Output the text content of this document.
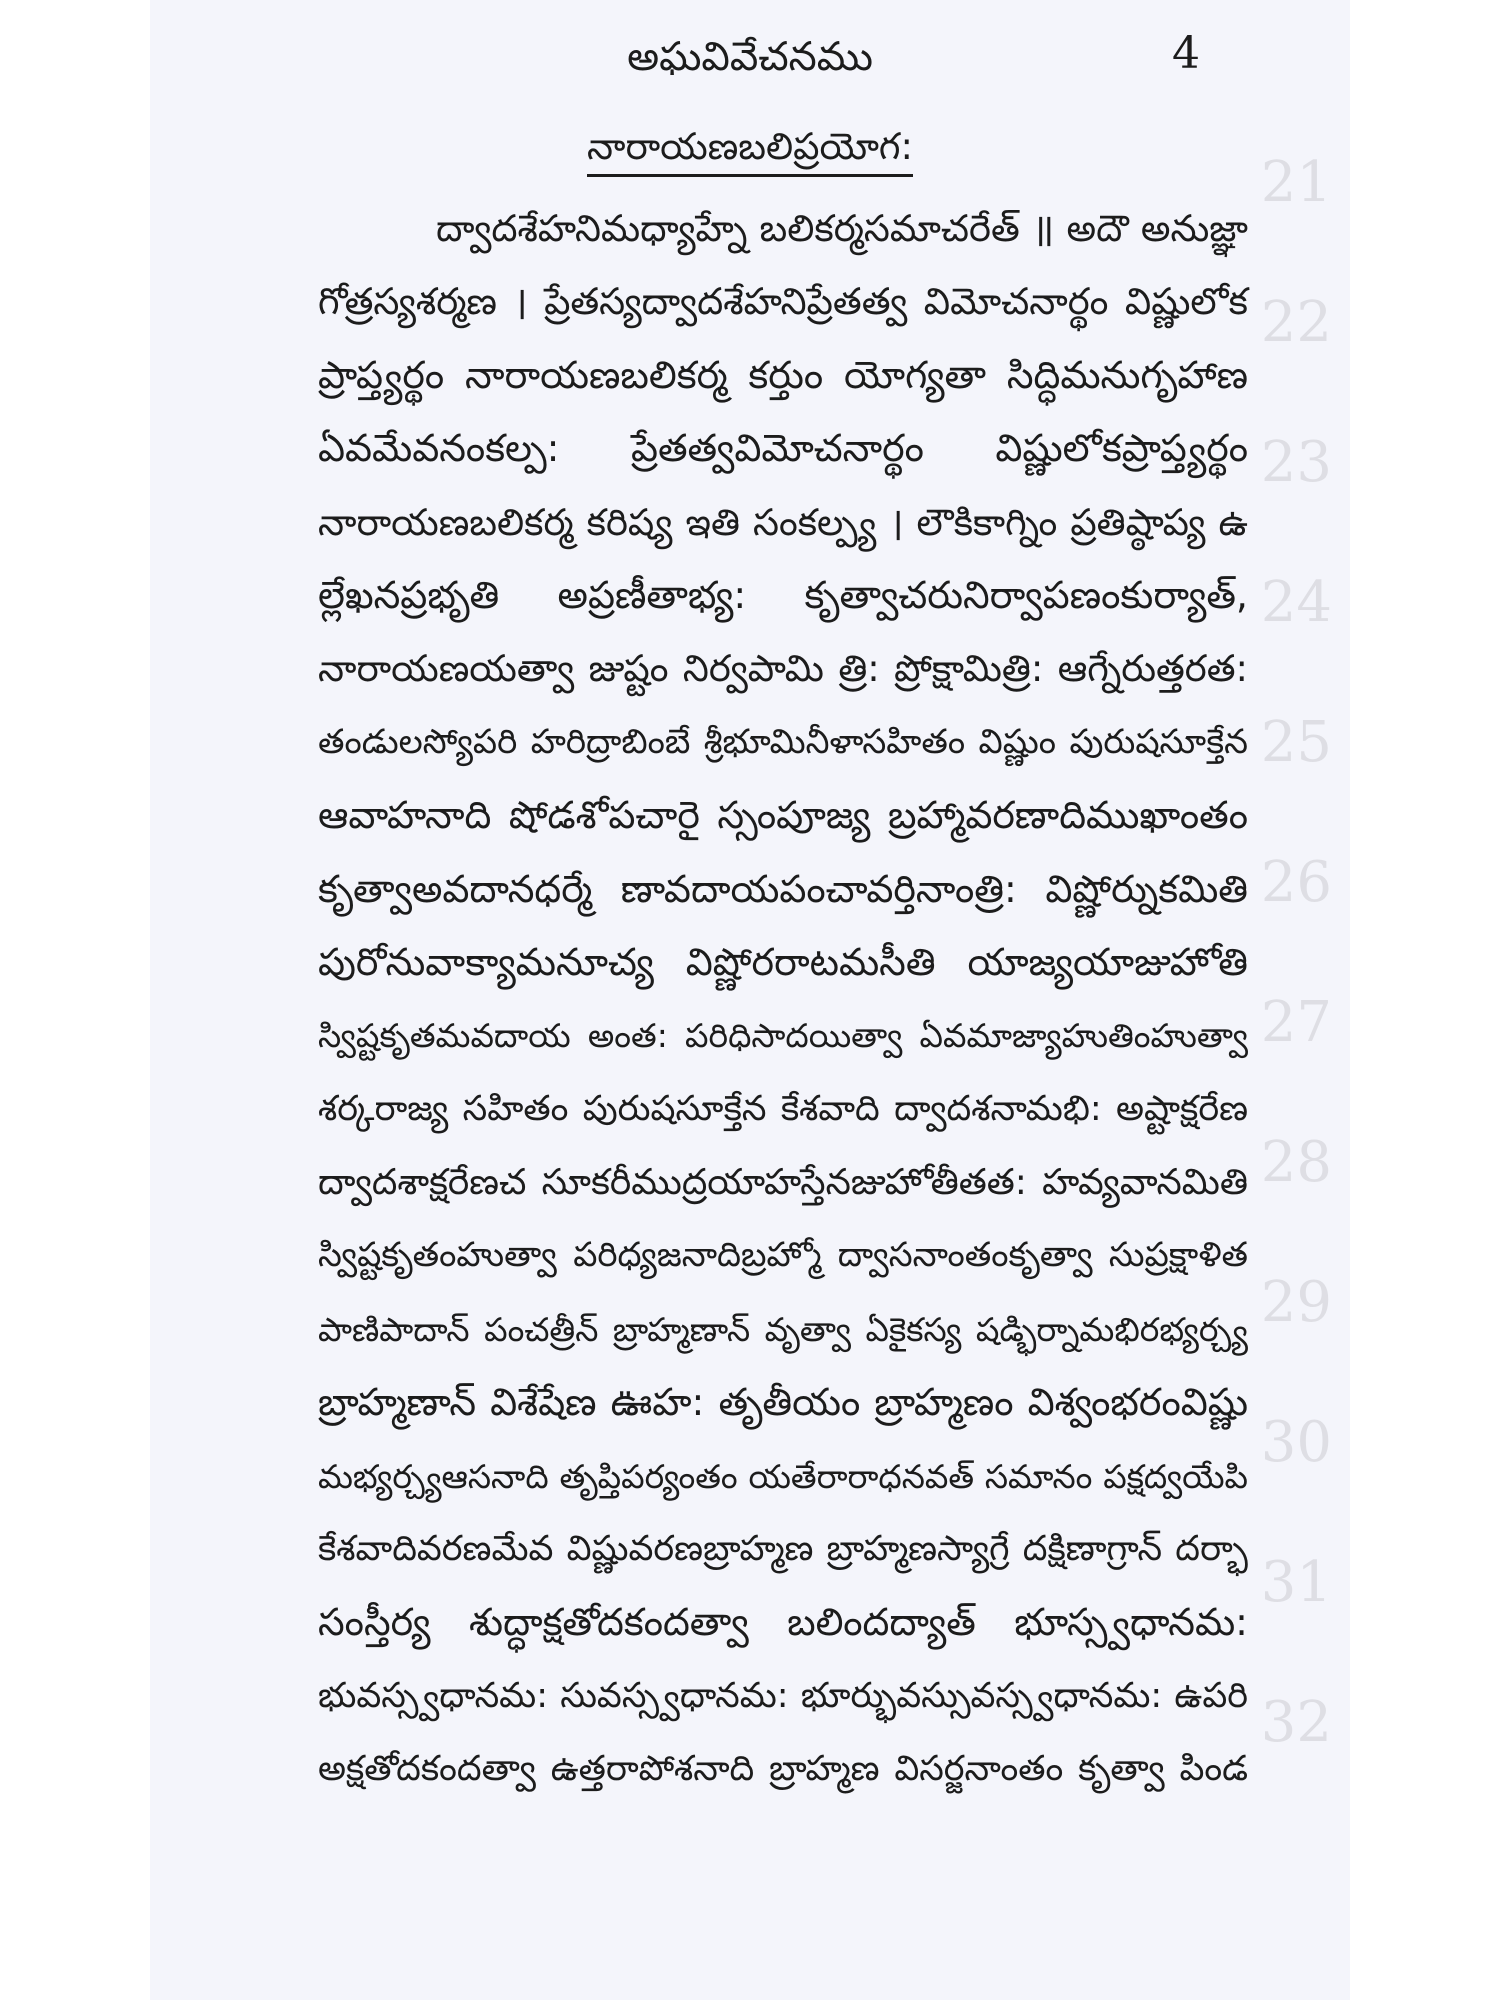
21
22
23
24
25
26
27
28
29
30
31
32
అఘవివేచనము	4
నారాయణబలిప్రయోగ:
ద్వాదశేహనిమధ్యాహ్నే బలికర్మసమాచరేత్ ॥ అదౌ అనుజ్ఞా
గోత్రస్యశర్మణ । ప్రేతస్యద్వాదశేహనిప్రేతత్వ విమోచనార్థం విష్ణులోక
ప్రాప్త్యర్థం నారాయణబలికర్మ కర్తుం యోగ్యతా సిద్ధిమనుగృహాణ
ఏవమేవనంకల్ప: ప్రేతత్వవిమోచనార్థం విష్ణులోకప్రాప్త్యర్థం
నారాయణబలికర్మ కరిష్య ఇతి సంకల్ప్య । లౌకికాగ్నిం ప్రతిష్ఠాప్య ఉ
ల్లేఖనప్రభృతి అప్రణీతాభ్య: కృత్వాచరునిర్వాపణంకుర్యాత్,
నారాయణయత్వా జుష్టం నిర్వపామి త్రి: ప్రోక్షామిత్రి: ఆగ్నేరుత్తరత:
తండులస్యోపరి హరిద్రాబింబే శ్రీభూమినీళాసహితం విష్ణుం పురుషసూక్తేన
ఆవాహనాది షోడశోపచారై స్సంపూజ్య బ్రహ్మావరణాదిముఖాంతం
కృత్వాఅవదానధర్మే ణావదాయపంచావర్తినాంత్రి: విష్ణోర్నుకమితి
పురోనువాక్యామనూచ్య విష్ణోరరాటమసీతి యాజ్యయాజుహోతి
స్విష్టకృతమవదాయ అంత: పరిధిసాదయిత్వా ఏవమాజ్యాహుతింహుత్వా
శర్కరాజ్య సహితం పురుషసూక్తేన కేశవాది ద్వాదశనామభి: అష్టాక్షరేణ
ద్వాదశాక్షరేణచ సూకరీముద్రయాహస్తేనజుహోతీతత: హవ్యవానమితి
స్విష్టకృతంహుత్వా పరిధ్యజనాదిబ్రహ్మో ద్వాసనాంతంకృత్వా సుప్రక్షాళిత
పాణిపాదాన్ పంచత్రీన్ బ్రాహ్మణాన్ వృత్వా ఏకైకస్య షడ్భిర్నామభిరభ్యర్చ్య
బ్రాహ్మణాన్ విశేషేణ ఊహ: తృతీయం బ్రాహ్మణం విశ్వంభరంవిష్ణు
మభ్యర్చ్యఆసనాది తృప్తిపర్యంతం యతేరారాధనవత్ సమానం పక్షద్వయేపి
కేశవాదివరణమేవ విష్ణువరణబ్రాహ్మణ బ్రాహ్మణస్యాగ్రే దక్షిణాగ్రాన్ దర్భా
సంస్తీర్య శుద్ధాక్షతోదకందత్వా బలిందద్యాత్ భూస్స్వధానమ:
భువస్స్వధానమ: సువస్స్వధానమ: భూర్భువస్సువస్స్వధానమ: ఉపరి
అక్షతోదకందత్వా ఉత్తరాపోశనాది బ్రాహ్మణ విసర్జనాంతం కృత్వా పిండ
